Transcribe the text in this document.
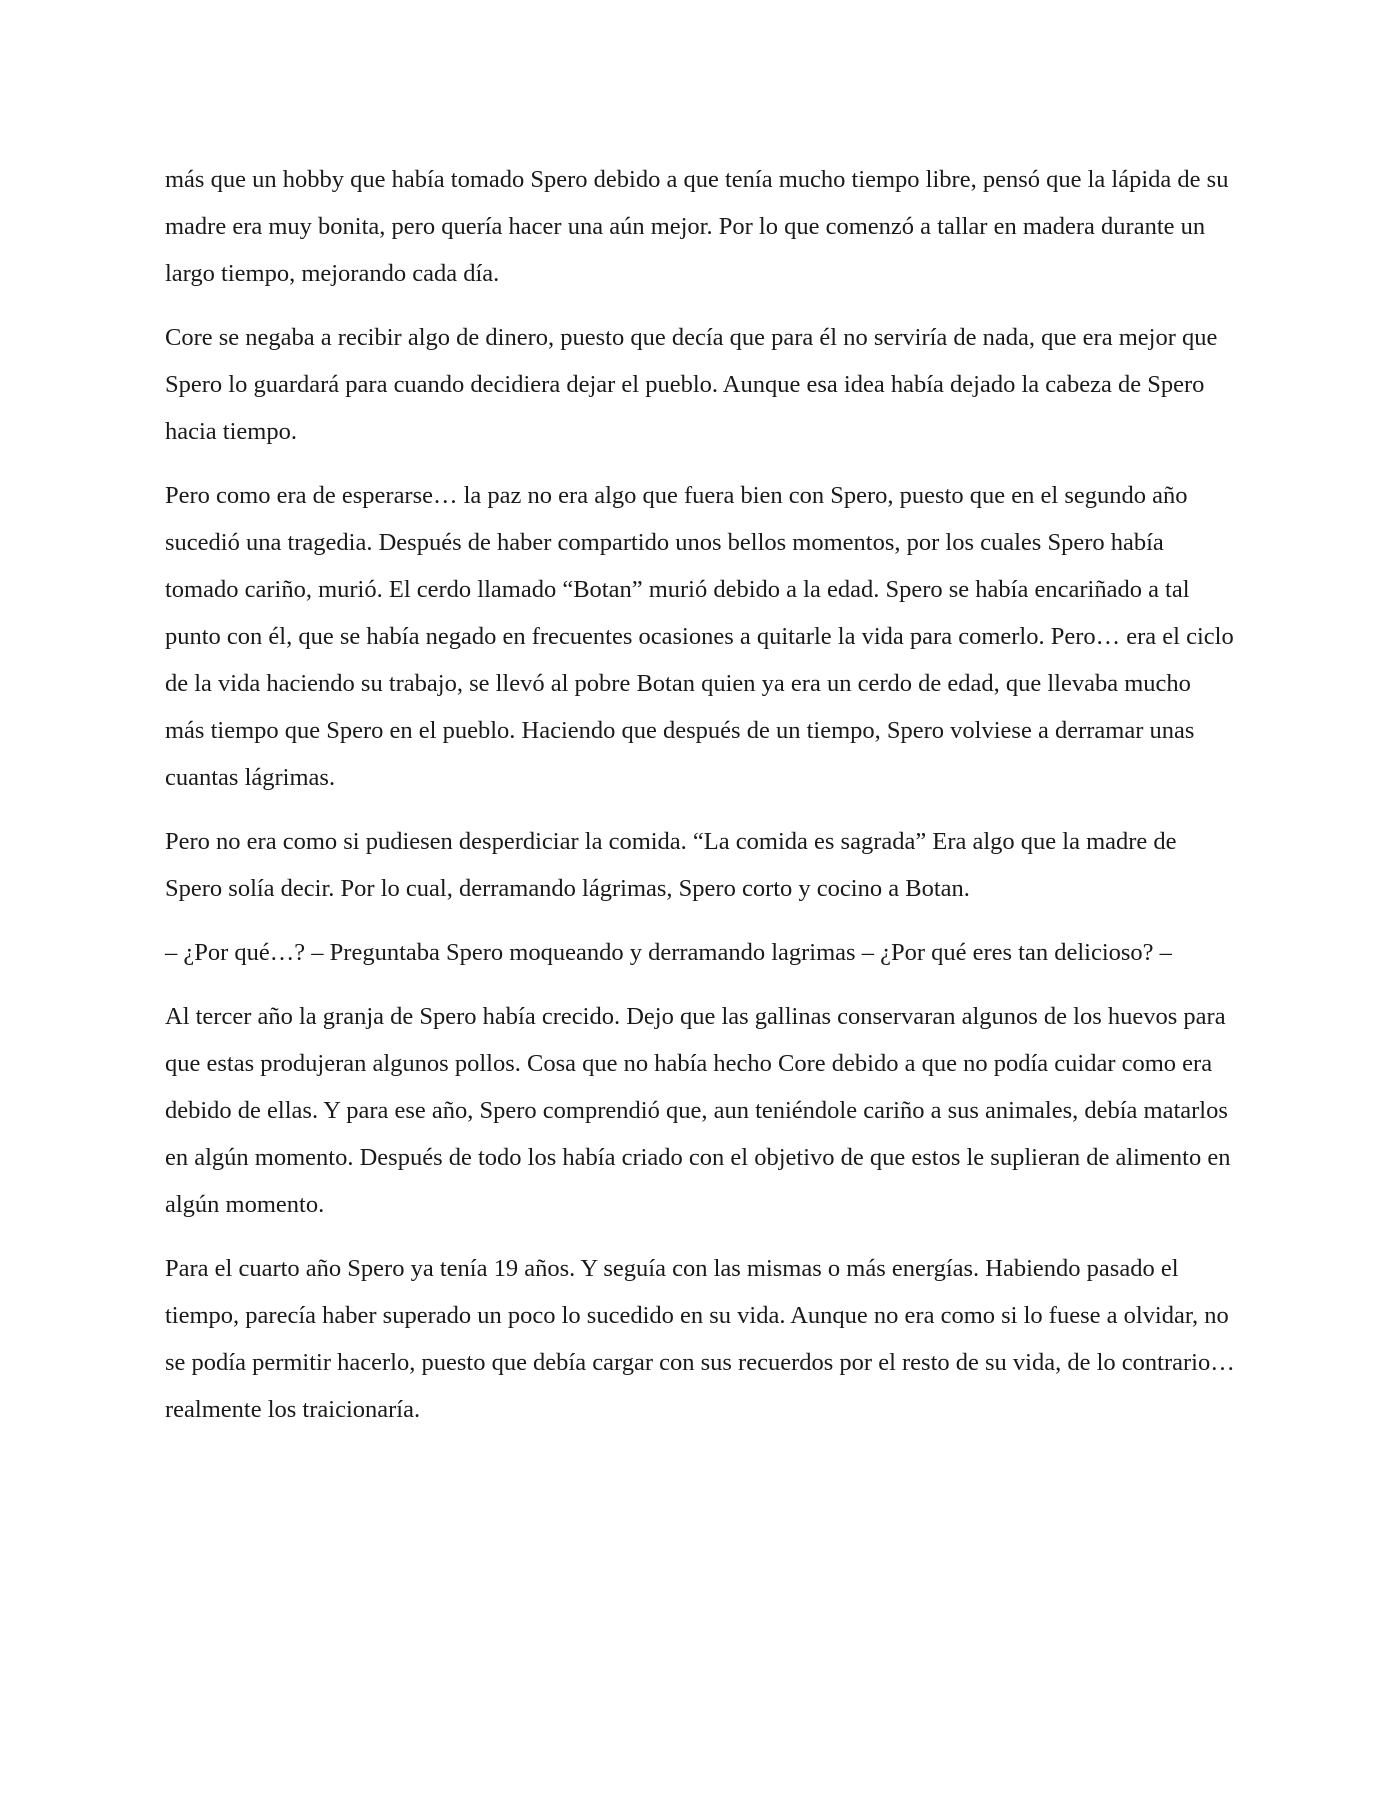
más que un hobby que había tomado Spero debido a que tenía mucho tiempo libre, pensó que la lápida de su madre era muy bonita, pero quería hacer una aún mejor. Por lo que comenzó a tallar en madera durante un largo tiempo, mejorando cada día.

Core se negaba a recibir algo de dinero, puesto que decía que para él no serviría de nada, que era mejor que Spero lo guardará para cuando decidiera dejar el pueblo. Aunque esa idea había dejado la cabeza de Spero hacia tiempo.

Pero como era de esperarse… la paz no era algo que fuera bien con Spero, puesto que en el segundo año sucedió una tragedia. Después de haber compartido unos bellos momentos, por los cuales Spero había tomado cariño, murió. El cerdo llamado “Botan” murió debido a la edad. Spero se había encariñado a tal punto con él, que se había negado en frecuentes ocasiones a quitarle la vida para comerlo. Pero… era el ciclo de la vida haciendo su trabajo, se llevó al pobre Botan quien ya era un cerdo de edad, que llevaba mucho más tiempo que Spero en el pueblo. Haciendo que después de un tiempo, Spero volviese a derramar unas cuantas lágrimas.

Pero no era como si pudiesen desperdiciar la comida. “La comida es sagrada” Era algo que la madre de Spero solía decir. Por lo cual, derramando lágrimas, Spero corto y cocino a Botan.

– ¿Por qué…? – Preguntaba Spero moqueando y derramando lagrimas – ¿Por qué eres tan delicioso? –

Al tercer año la granja de Spero había crecido. Dejo que las gallinas conservaran algunos de los huevos para que estas produjeran algunos pollos. Cosa que no había hecho Core debido a que no podía cuidar como era debido de ellas. Y para ese año, Spero comprendió que, aun teniéndole cariño a sus animales, debía matarlos en algún momento. Después de todo los había criado con el objetivo de que estos le suplieran de alimento en algún momento.

Para el cuarto año Spero ya tenía 19 años. Y seguía con las mismas o más energías. Habiendo pasado el tiempo, parecía haber superado un poco lo sucedido en su vida. Aunque no era como si lo fuese a olvidar, no se podía permitir hacerlo, puesto que debía cargar con sus recuerdos por el resto de su vida, de lo contrario… realmente los traicionaría.
